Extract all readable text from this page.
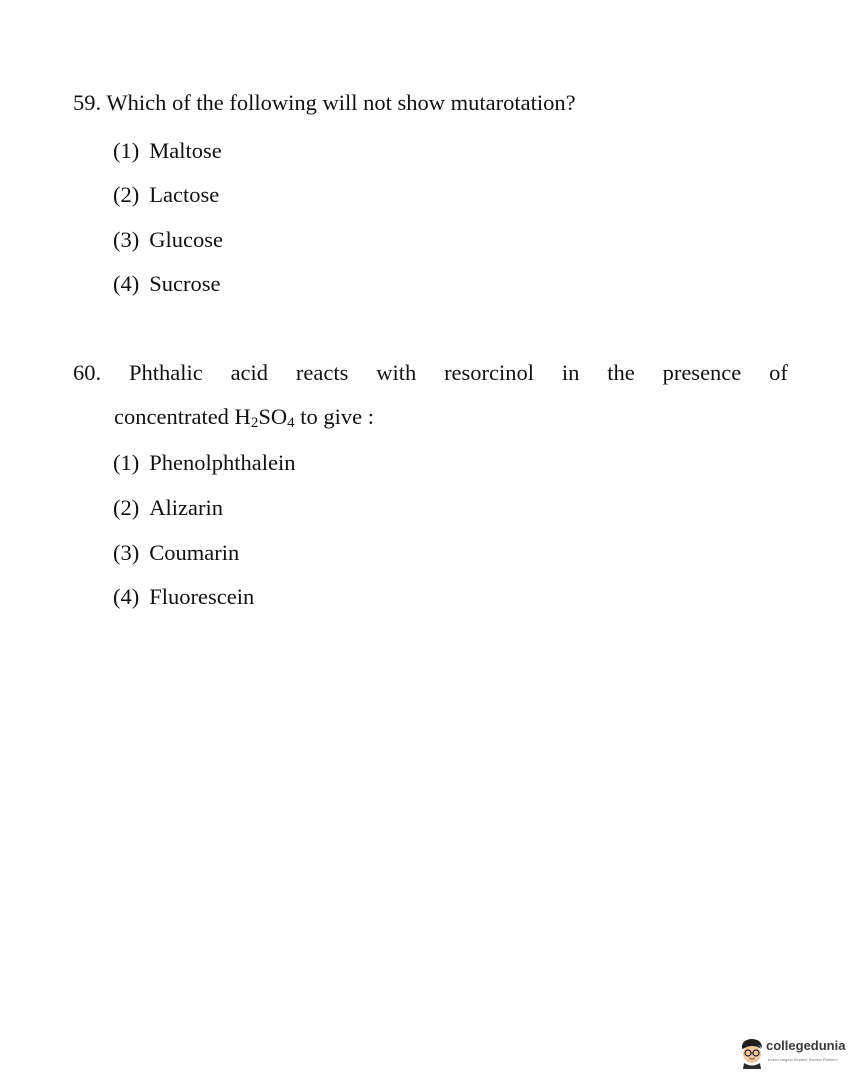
59. Which of the following will not show mutarotation?
(1) Maltose
(2) Lactose
(3) Glucose
(4) Sucrose
60. Phthalic acid reacts with resorcinol in the presence of
concentrated $H_2SO_4$ to give :
(1) Phenolphthalein
(2) Alizarin
(3) Coumarin
(4) Fluorescein
collegedunia
India's largest Student Review Platform
